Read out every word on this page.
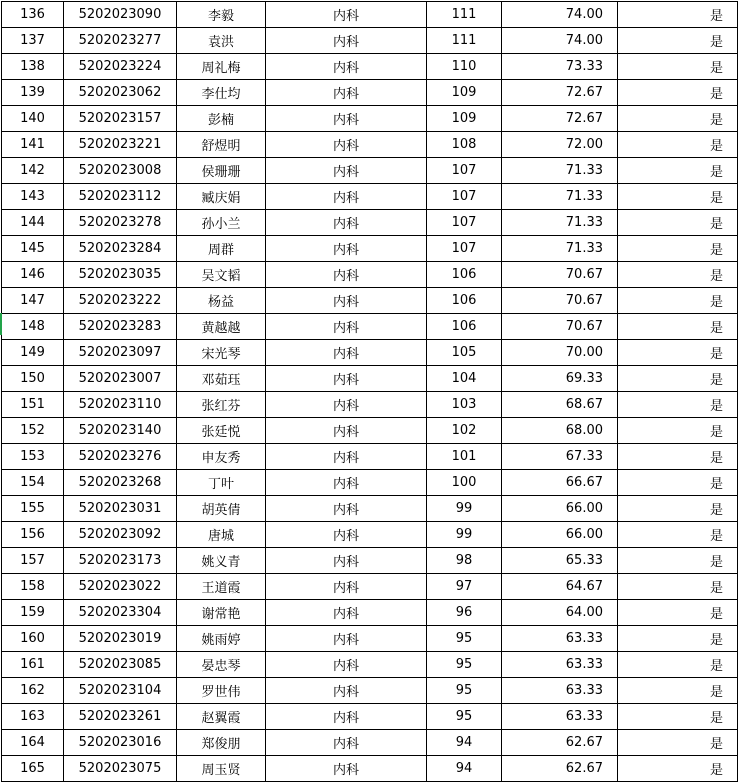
136	5202023090	李毅	内科	111	74.00	是
137	5202023277	袁洪	内科	111	74.00	是
138	5202023224	周礼梅	内科	110	73.33	是
139	5202023062	李仕均	内科	109	72.67	是
140	5202023157	彭楠	内科	109	72.67	是
141	5202023221	舒煜明	内科	108	72.00	是
142	5202023008	侯珊珊	内科	107	71.33	是
143	5202023112	臧庆娟	内科	107	71.33	是
144	5202023278	孙小兰	内科	107	71.33	是
145	5202023284	周群	内科	107	71.33	是
146	5202023035	吴文韬	内科	106	70.67	是
147	5202023222	杨益	内科	106	70.67	是
148	5202023283	黄越越	内科	106	70.67	是
149	5202023097	宋光琴	内科	105	70.00	是
150	5202023007	邓茹珏	内科	104	69.33	是
151	5202023110	张红芬	内科	103	68.67	是
152	5202023140	张廷悦	内科	102	68.00	是
153	5202023276	申友秀	内科	101	67.33	是
154	5202023268	丁叶	内科	100	66.67	是
155	5202023031	胡英倩	内科	99	66.00	是
156	5202023092	唐城	内科	99	66.00	是
157	5202023173	姚义青	内科	98	65.33	是
158	5202023022	王道霞	内科	97	64.67	是
159	5202023304	谢常艳	内科	96	64.00	是
160	5202023019	姚雨婷	内科	95	63.33	是
161	5202023085	晏忠琴	内科	95	63.33	是
162	5202023104	罗世伟	内科	95	63.33	是
163	5202023261	赵翼霞	内科	95	63.33	是
164	5202023016	郑俊朋	内科	94	62.67	是
165	5202023075	周玉贤	内科	94	62.67	是
